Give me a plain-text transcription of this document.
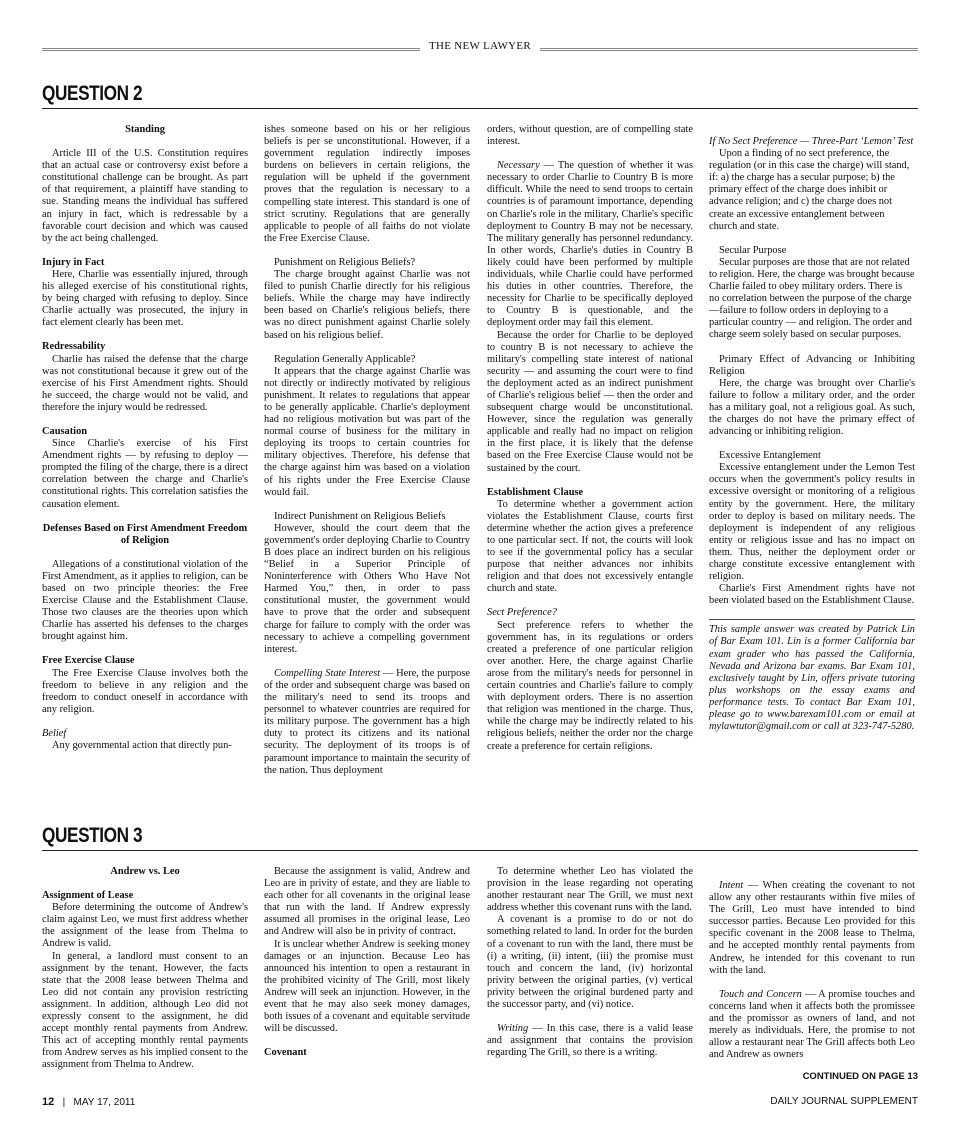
THE NEW LAWYER
QUESTION 2

Standing

Article III of the U.S. Constitution requires that an actual case or controversy exist before a constitutional challenge can be brought. As part of that requirement, a plaintiff have standing to sue. Standing means the individual has suffered an injury in fact, which is redressable by a favorable court decision and which was caused by the act being challenged.

Injury in Fact

Here, Charlie was essentially injured, through his alleged exercise of his constitutional rights, by being charged with refusing to deploy. Since Charlie actually was prosecuted, the injury in fact element clearly has been met.

Redressability

Charlie has raised the defense that the charge was not constitutional because it grew out of the exercise of his First Amendment rights. Should he succeed, the charge would not be valid, and therefore the injury would be redressed.

Causation

Since Charlie's exercise of his First Amendment rights — by refusing to deploy —prompted the filing of the charge, there is a direct correlation between the charge and Charlie's constitutional rights. This correlation satisfies the causation element.

Defenses Based on First Amendment Freedom of Religion

Allegations of a constitutional violation of the First Amendment, as it applies to religion, can be based on two principle theories: the Free Exercise Clause and the Establishment Clause. Those two clauses are the theories upon which Charlie has asserted his defenses to the charges brought against him.

Free Exercise Clause

The Free Exercise Clause involves both the freedom to believe in any religion and the freedom to conduct oneself in accordance with any religion.

Belief

Any governmental action that directly pun-

ishes someone based on his or her religious beliefs is per se unconstitutional. However, if a government regulation indirectly imposes burdens on believers in certain religions, the regulation will be upheld if the government proves that the regulation is necessary to a compelling state interest. This standard is one of strict scrutiny. Regulations that are generally applicable to people of all faiths do not violate the Free Exercise Clause.

Punishment on Religious Beliefs?

The charge brought against Charlie was not filed to punish Charlie directly for his religious beliefs. While the charge may have indirectly been based on Charlie's religious beliefs, there was no direct punishment against Charlie solely based on his religious belief.

Regulation Generally Applicable?

It appears that the charge against Charlie was not directly or indirectly motivated by religious punishment. It relates to regulations that appear to be generally applicable. Charlie's deployment had no religious motivation but was part of the normal course of business for the military in deploying its troops to certain countries for military objectives. Therefore, his defense that the charge against him was based on a violation of his rights under the Free Exercise Clause would fail.

Indirect Punishment on Religious Beliefs

However, should the court deem that the government's order deploying Charlie to Country B does place an indirect burden on his religious “Belief in a Superior Principle of Noninterference with Others Who Have Not Harmed You,” then, in order to pass constitutional muster, the government would have to prove that the order and subsequent charge for failure to comply with the order was necessary to achieve a compelling government interest.

Compelling State Interest — Here, the purpose of the order and subsequent charge was based on the military's need to send its troops and personnel to whatever countries are required for its military purpose. The government has a high duty to protect its citizens and its national security. The deployment of its troops is of paramount importance to maintain the security of the nation. Thus deployment

orders, without question, are of compelling state interest.

Necessary — The question of whether it was necessary to order Charlie to Country B is more difficult. While the need to send troops to certain countries is of paramount importance, depending on Charlie's role in the military, Charlie's specific deployment to Country B may not be necessary. The military generally has personnel redundancy. In other words, Charlie's duties in Country B likely could have been performed by multiple individuals, while Charlie could have performed his duties in other countries. Therefore, the necessity for Charlie to be specifically deployed to Country B is questionable, and the deployment order may fail this element.

Because the order for Charlie to be deployed to country B is not necessary to achieve the military's compelling state interest of national security — and assuming the court were to find the deployment acted as an indirect punishment of Charlie's religious belief — then the order and subsequent charge would be unconstitutional. However, since the regulation was generally applicable and really had no impact on religion in the first place, it is likely that the defense based on the Free Exercise Clause would not be sustained by the court.

Establishment Clause

To determine whether a government action violates the Establishment Clause, courts first determine whether the action gives a preference to one particular sect. If not, the courts will look to see if the governmental policy has a secular purpose that neither advances nor inhibits religion and that does not excessively entangle church and state.

Sect Preference?

Sect preference refers to whether the government has, in its regulations or orders created a preference of one particular religion over another. Here, the charge against Charlie arose from the military's needs for personnel in certain countries and Charlie's failure to comply with deployment orders. There is no assertion that religion was mentioned in the charge. Thus, while the charge may be indirectly related to his religious beliefs, neither the order nor the charge create a preference for certain religions.

If No Sect Preference — Three-Part ‘Lemon’ Test

Upon a finding of no sect preference, the regulation (or in this case the charge) will stand, if: a) the charge has a secular purpose; b) the primary effect of the charge does inhibit or advance religion; and c) the charge does not create an excessive entanglement between church and state.

Secular Purpose

Secular purposes are those that are not related to religion. Here, the charge was brought because Charlie failed to obey military orders. There is no correlation between the purpose of the charge —failure to follow orders in deploying to a particular country — and religion. The order and charge seem solely based on secular purposes.

Primary Effect of Advancing or Inhibiting Religion

Here, the charge was brought over Charlie's failure to follow a military order, and the order has a military goal, not a religious goal. As such, the charges do not have the primary effect of advancing or inhibiting religion.

Excessive Entanglement

Excessive entanglement under the Lemon Test occurs when the government's policy results in excessive oversight or monitoring of a religious entity by the government. Here, the military order to deploy is based on military needs. The deployment is independent of any religious entity or religious issue and has no impact on them. Thus, neither the deployment order or charge constitute excessive entanglement with religion.

Charlie's First Amendment rights have not been violated based on the Establishment Clause.

This sample answer was created by Patrick Lin of Bar Exam 101. Lin is a former California bar exam grader who has passed the California, Nevada and Arizona bar exams. Bar Exam 101, exclusively taught by Lin, offers private tutoring plus workshops on the essay exams and performance tests. To contact Bar Exam 101, please go to www.barexam101.com or email at mylawtutor@gmail.com or call at 323-747-5280.

QUESTION 3

Andrew vs. Leo

Assignment of Lease

Before determining the outcome of Andrew's claim against Leo, we must first address whether the assignment of the lease from Thelma to Andrew is valid.

In general, a landlord must consent to an assignment by the tenant. However, the facts state that the 2008 lease between Thelma and Leo did not contain any provision restricting assignment. In addition, although Leo did not expressly consent to the assignment, he did accept monthly rental payments from Andrew. This act of accepting monthly rental payments from Andrew serves as his implied consent to the assignment from Thelma to Andrew.

Because the assignment is valid, Andrew and Leo are in privity of estate, and they are liable to each other for all covenants in the original lease that run with the land. If Andrew expressly assumed all promises in the original lease, Leo and Andrew will also be in privity of contract.

It is unclear whether Andrew is seeking money damages or an injunction. Because Leo has announced his intention to open a restaurant in the prohibited vicinity of The Grill, most likely Andrew will seek an injunction. However, in the event that he may also seek money damages, both issues of a covenant and equitable servitude will be discussed.

Covenant

To determine whether Leo has violated the provision in the lease regarding not operating another restaurant near The Grill, we must next address whether this covenant runs with the land.

A covenant is a promise to do or not do something related to land. In order for the burden of a covenant to run with the land, there must be (i) a writing, (ii) intent, (iii) the promise must touch and concern the land, (iv) horizontal privity between the original parties, (v) vertical privity between the original burdened party and the successor party, and (vi) notice.

Writing — In this case, there is a valid lease and assignment that contains the provision regarding The Grill, so there is a writing.

Intent — When creating the covenant to not allow any other restaurants within five miles of The Grill, Leo must have intended to bind successor parties. Because Leo provided for this specific covenant in the 2008 lease to Thelma, and he accepted monthly rental payments from Andrew, he intended for this covenant to run with the land.

Touch and Concern — A promise touches and concerns land when it affects both the promissee and the promissor as owners of land, and not merely as individuals. Here, the promise to not allow a restaurant near The Grill affects both Leo and Andrew as owners

CONTINUED ON PAGE 13
12 | MAY 17, 2011	DAILY JOURNAL SUPPLEMENT
